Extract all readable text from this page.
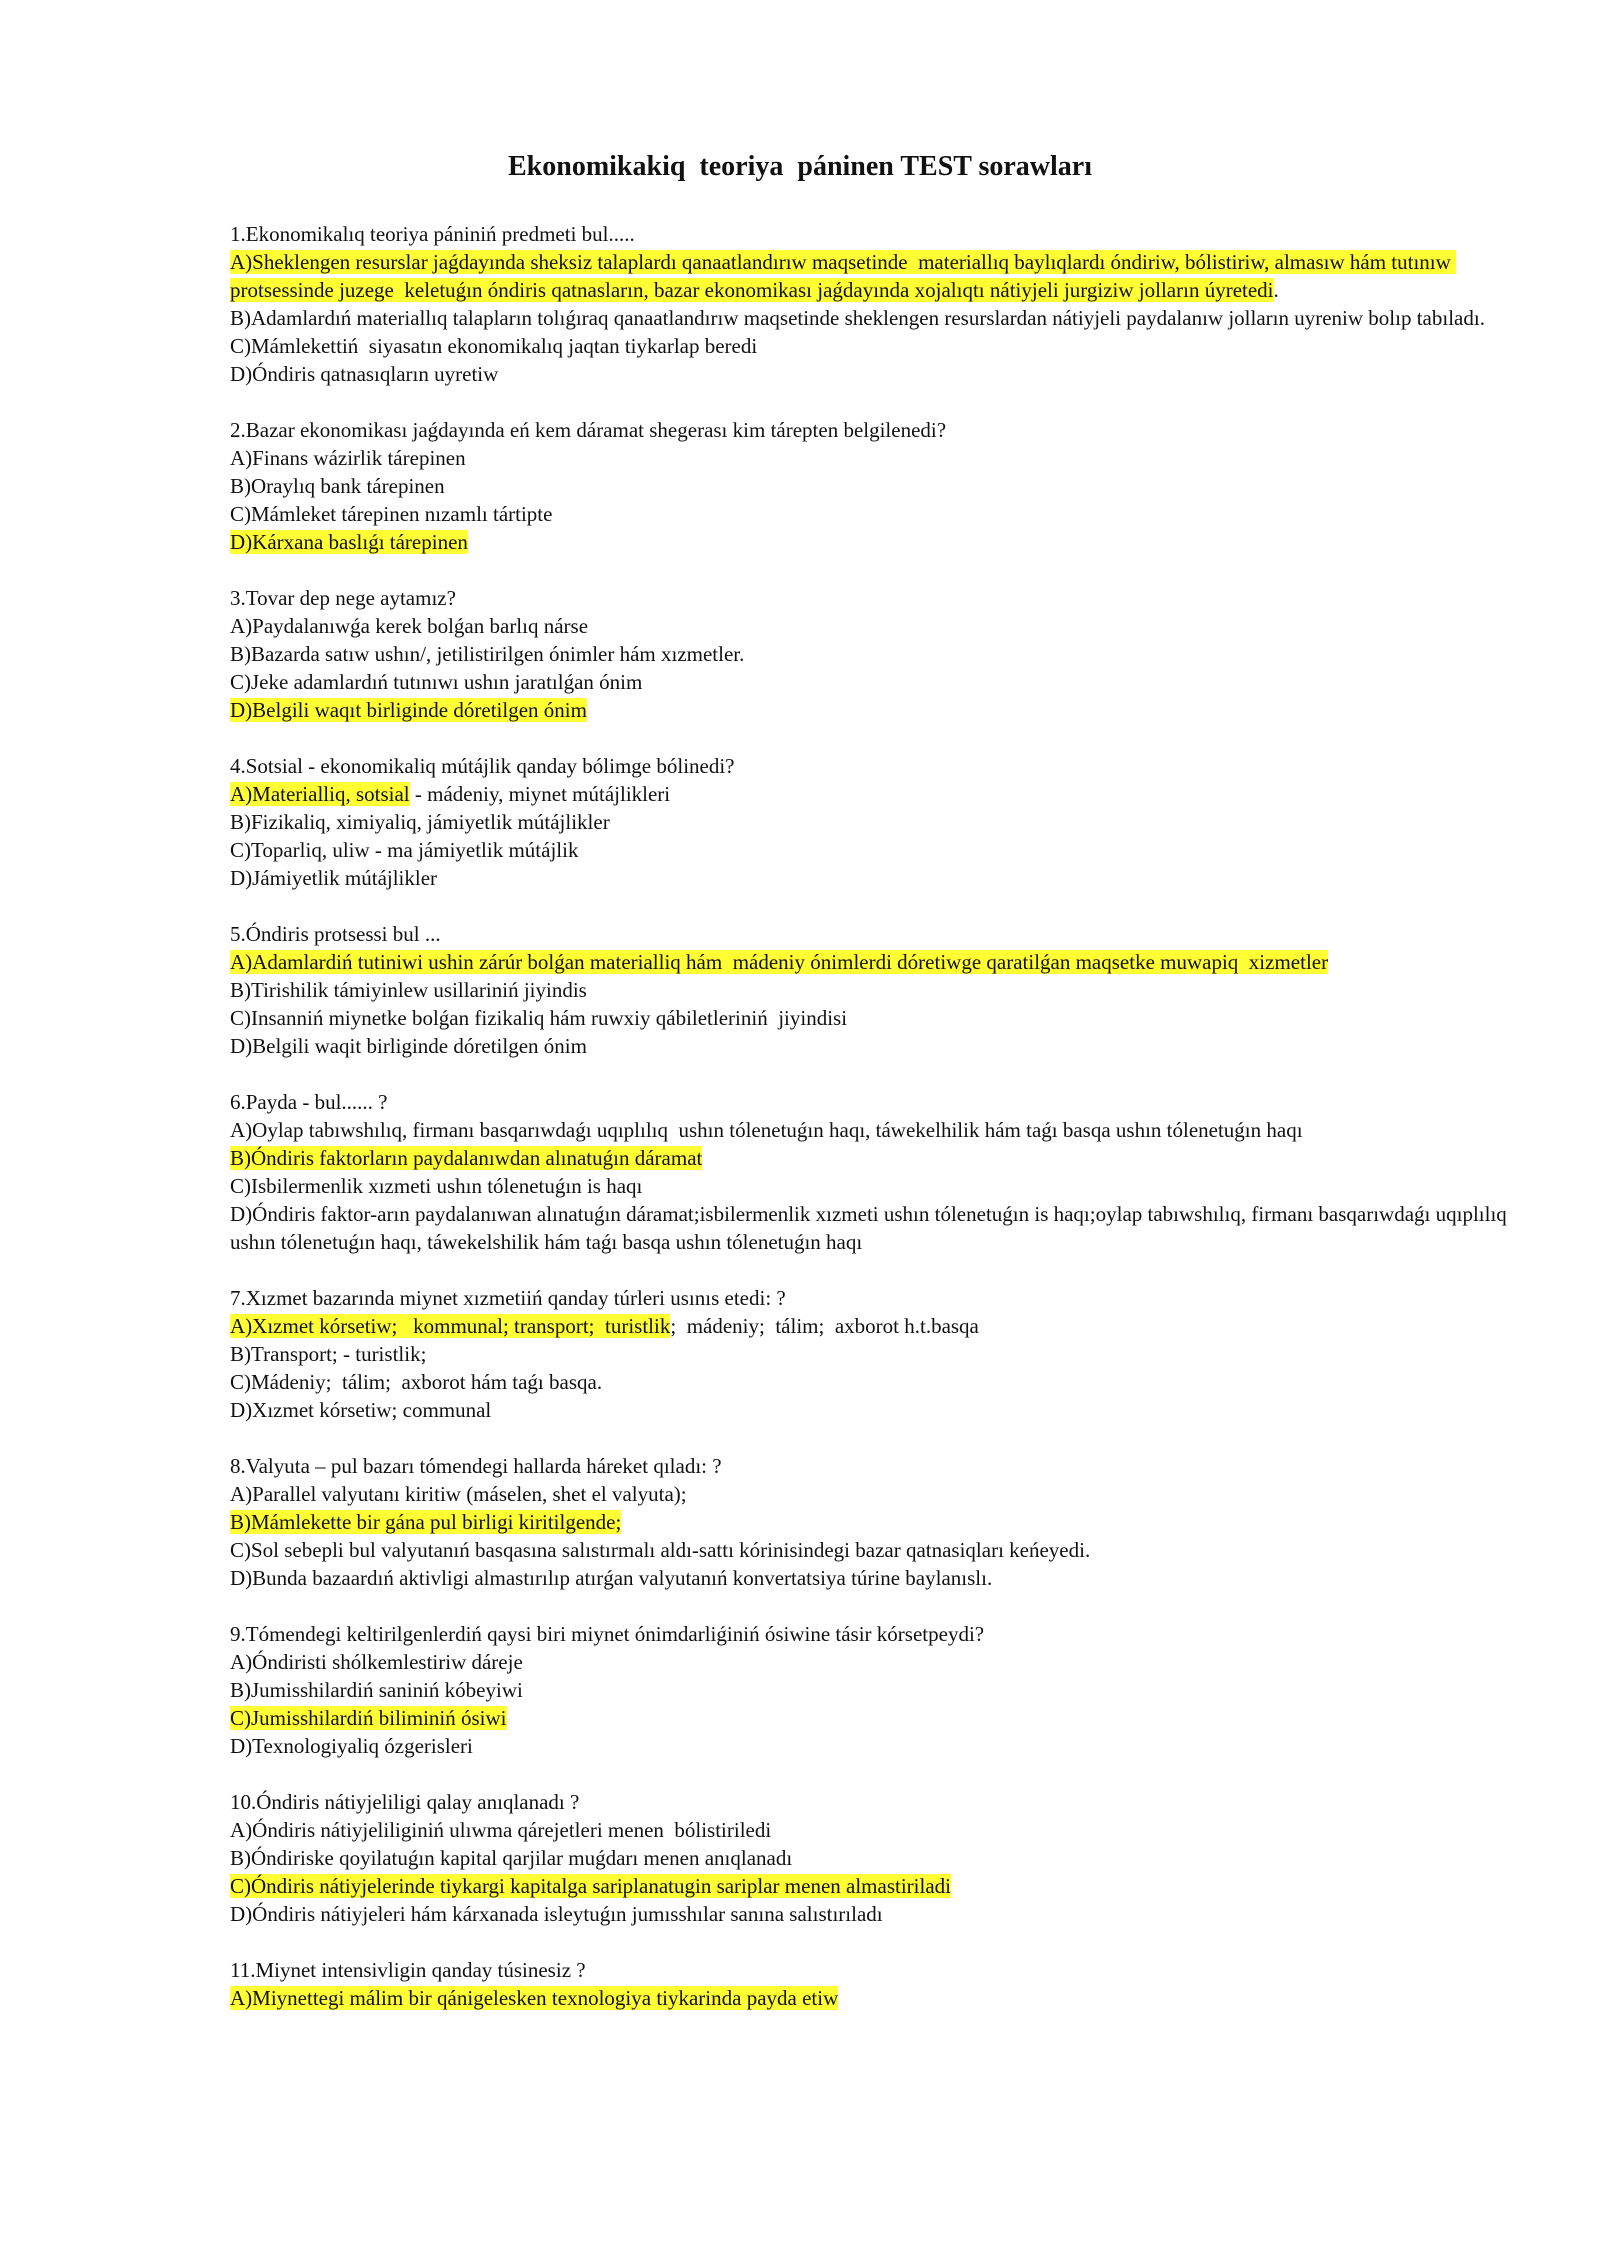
Ekonomikakiq  teoriya  páninen TEST sorawları

1.Ekonomikalıq teoriya pániniń predmeti bul.....

A)Sheklengen resurslar jaǵdayında sheksiz talaplardı qanaatlandırıw maqsetinde  materiallıq baylıqlardı óndiriw, bólistiriw, almasıw hám tutınıw protsessinde juzege  keletuǵın óndiris qatnasların, bazar ekonomikası jaǵdayında xojalıqtı nátiyjeli jurgiziw jolların úyretedi.

B)Adamlardıń materiallıq talapların tolıǵıraq qanaatlandırıw maqsetinde sheklengen resurslardan nátiyjeli paydalanıw jolların uyreniw bolıp tabıladı.

C)Mámlekettiń  siyasatın ekonomikalıq jaqtan tiykarlap beredi

D)Óndiris qatnasıqların uyretiw

2.Bazar ekonomikası jaǵdayında eń kem dáramat shegerası kim tárepten belgilenedi?

A)Finans wázirlik tárepinen

B)Oraylıq bank tárepinen

C)Mámleket tárepinen nızamlı tártipte

D)Kárxana baslıǵı tárepinen

3.Tovar dep nege aytamız?

A)Paydalanıwǵa kerek bolǵan barlıq nárse

B)Bazarda satıw ushın/, jetilistirilgen ónimler hám xızmetler.

C)Jeke adamlardıń tutınıwı ushın jaratılǵan ónim

D)Belgili waqıt birliginde dóretilgen ónim

4.Sotsial - ekonomikaliq mútájlik qanday bólimge bólinedi?

A)Materialliq, sotsial - mádeniy, miynet mútájlikleri

B)Fizikaliq, ximiyaliq, jámiyetlik mútájlikler

C)Toparliq, uliw - ma jámiyetlik mútájlik

D)Jámiyetlik mútájlikler

5.Óndiris protsessi bul ...

A)Adamlardiń tutiniwi ushin zárúr bolǵan materialliq hám  mádeniy ónimlerdi dóretiwge qaratilǵan maqsetke muwapiq  xizmetler

B)Tirishilik támiyinlew usillariniń jiyindis

C)Insanniń miynetke bolǵan fizikaliq hám ruwxiy qábiletleriniń  jiyindisi

D)Belgili waqit birliginde dóretilgen ónim

6.Payda - bul...... ?

A)Oylap tabıwshılıq, firmanı basqarıwdaǵı uqıplılıq  ushın tólenetuǵın haqı, táwekelhilik hám taǵı basqa ushın tólenetuǵın haqı

B)Óndiris faktorların paydalanıwdan alınatuǵın dáramat

C)Isbilermenlik xızmeti ushın tólenetuǵın is haqı

D)Óndiris faktor-arın paydalanıwan alınatuǵın dáramat;isbilermenlik xızmeti ushın tólenetuǵın is haqı;oylap tabıwshılıq, firmanı basqarıwdaǵı uqıplılıq  ushın tólenetuǵın haqı, táwekelshilik hám taǵı basqa ushın tólenetuǵın haqı

7.Xızmet bazarında miynet xızmetiiń qanday túrleri usınıs etedi: ?

A)Xızmet kórsetiw;   kommunal; transport;  turistlik;  mádeniy;  tálim;  axborot h.t.basqa

B)Transport; - turistlik;

C)Mádeniy;  tálim;  axborot hám taǵı basqa.

D)Xızmet kórsetiw; communal

8.Valyuta – pul bazarı tómendegi hallarda háreket qıladı: ?

A)Parallel valyutanı kiritiw (máselen, shet el valyuta);

B)Mámlekette bir gána pul birligi kiritilgende;

C)Sol sebepli bul valyutanıń basqasına salıstırmalı aldı-sattı kórinisindegi bazar qatnasiqları keńeyedi.

D)Bunda bazaardıń aktivligi almastırılıp atırǵan valyutanıń konvertatsiya túrine baylanıslı.

9.Tómendegi keltirilgenlerdiń qaysi biri miynet ónimdarliǵiniń ósiwine tásir kórsetpeydi?

A)Óndiristi shólkemlestiriw dáreje

B)Jumisshilardiń saniniń kóbeyiwi

C)Jumisshilardiń biliminiń ósiwi

D)Texnologiyaliq ózgerisleri

10.Óndiris nátiyjeliligi qalay anıqlanadı ?

A)Óndiris nátiyjeliliginiń ulıwma qárejetleri menen  bólistiriledi

B)Óndiriske qoyilatuǵın kapital qarjilar muǵdarı menen anıqlanadı

C)Óndiris nátiyjelerinde tiykargi kapitalga sariplanatugin sariplar menen almastiriladi

D)Óndiris nátiyjeleri hám kárxanada isleytuǵın jumısshılar sanına salıstırıladı

11.Miynet intensivligin qanday túsinesiz ?

A)Miynettegi málim bir qánigelesken texnologiya tiykarinda payda etiw
